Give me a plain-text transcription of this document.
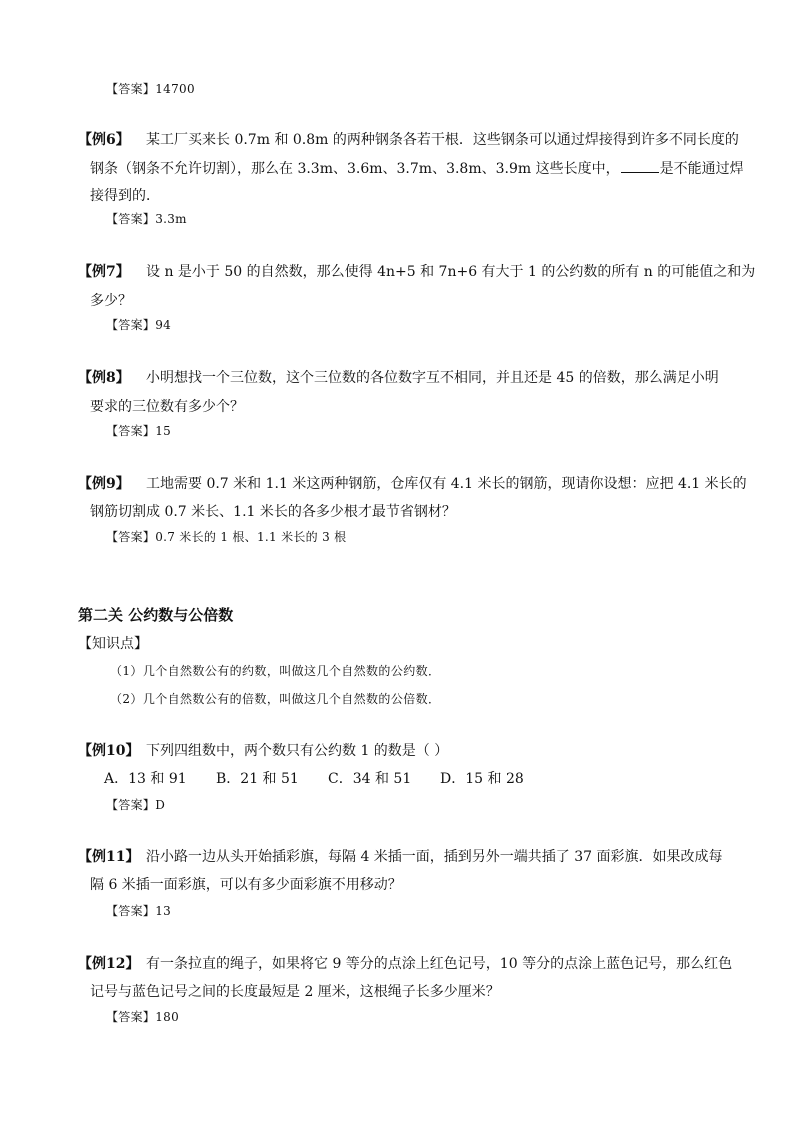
【答案】14700
【例6】 某工厂买来长 0.7m 和 0.8m 的两种钢条各若干根．这些钢条可以通过焊接得到许多不同长度的
钢条（钢条不允许切割），那么在 3.3m、3.6m、3.7m、3.8m、3.9m 这些长度中，	是不能通过焊
接得到的．
【答案】3.3m
【例7】 设 n 是小于 50 的自然数，那么使得 4n+5 和 7n+6 有大于 1 的公约数的所有 n 的可能值之和为
多少？
【答案】94
【例8】 小明想找一个三位数，这个三位数的各位数字互不相同，并且还是 45 的倍数，那么满足小明
要求的三位数有多少个？
【答案】15
【例9】 工地需要 0.7 米和 1.1 米这两种钢筋，仓库仅有 4.1 米长的钢筋，现请你设想：应把 4.1 米长的
钢筋切割成 0.7 米长、1.1 米长的各多少根才最节省钢材？
【答案】0.7 米长的 1 根、1.1 米长的 3 根
第二关 公约数与公倍数
【知识点】
（1）几个自然数公有的约数，叫做这几个自然数的公约数．
（2）几个自然数公有的倍数，叫做这几个自然数的公倍数．
【例10】 下列四组数中，两个数只有公约数 1 的数是（ ）
A．13 和 91 B．21 和 51 C．34 和 51 D．15 和 28
【答案】D
【例11】 沿小路一边从头开始插彩旗，每隔 4 米插一面，插到另外一端共插了 37 面彩旗．如果改成每
隔 6 米插一面彩旗，可以有多少面彩旗不用移动？
【答案】13
【例12】 有一条拉直的绳子，如果将它 9 等分的点涂上红色记号，10 等分的点涂上蓝色记号，那么红色
记号与蓝色记号之间的长度最短是 2 厘米，这根绳子长多少厘米？
【答案】180
